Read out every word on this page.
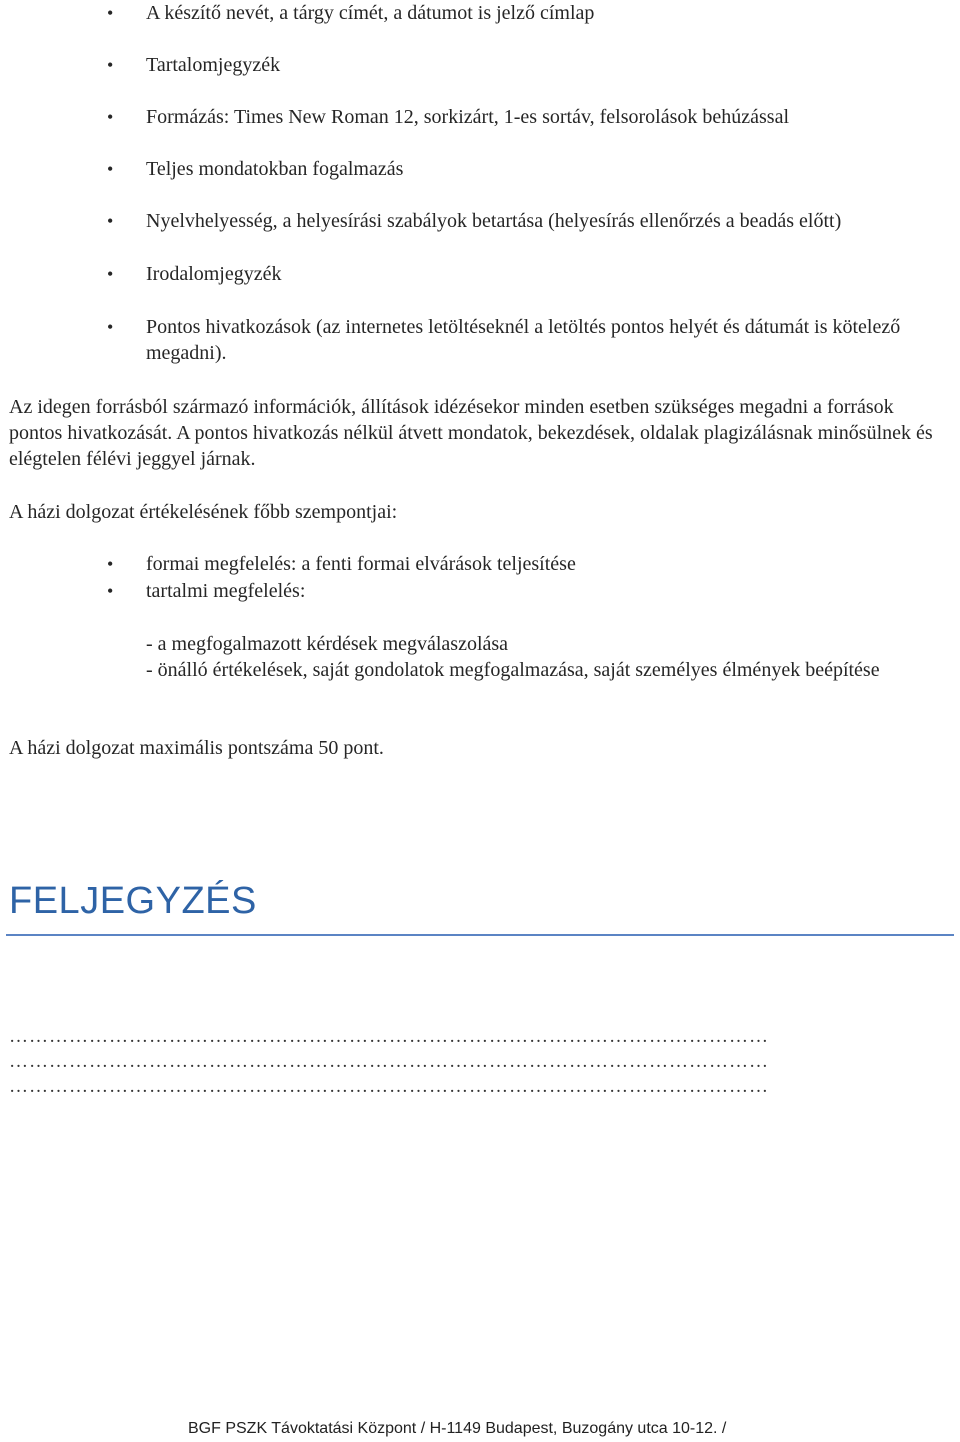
• A készítő nevét, a tárgy címét, a dátumot is jelző címlap
• Tartalomjegyzék
• Formázás: Times New Roman 12, sorkizárt, 1-es sortáv, felsorolások behúzással
• Teljes mondatokban fogalmazás
• Nyelvhelyesség, a helyesírási szabályok betartása (helyesírás ellenőrzés a beadás előtt)
• Irodalomjegyzék
• Pontos hivatkozások (az internetes letöltéseknél a letöltés pontos helyét és dátumát is kötelező megadni).
Az idegen forrásból származó információk, állítások idézésekor minden esetben szükséges megadni a források pontos hivatkozását. A pontos hivatkozás nélkül átvett mondatok, bekezdések, oldalak plagizálásnak minősülnek és elégtelen félévi jeggyel járnak.
A házi dolgozat értékelésének főbb szempontjai:
• formai megfelelés: a fenti formai elvárások teljesítése
• tartalmi megfelelés:
- a megfogalmazott kérdések megválaszolása
- önálló értékelések, saját gondolatok megfogalmazása, saját személyes élmények beépítése
A házi dolgozat maximális pontszáma 50 pont.
FELJEGYZÉS
……………………………………………………………………………………………………
……………………………………………………………………………………………………
……………………………………………………………………………………………………
BGF PSZK Távoktatási Központ / H-1149 Budapest, Buzogány utca 10-12. /
